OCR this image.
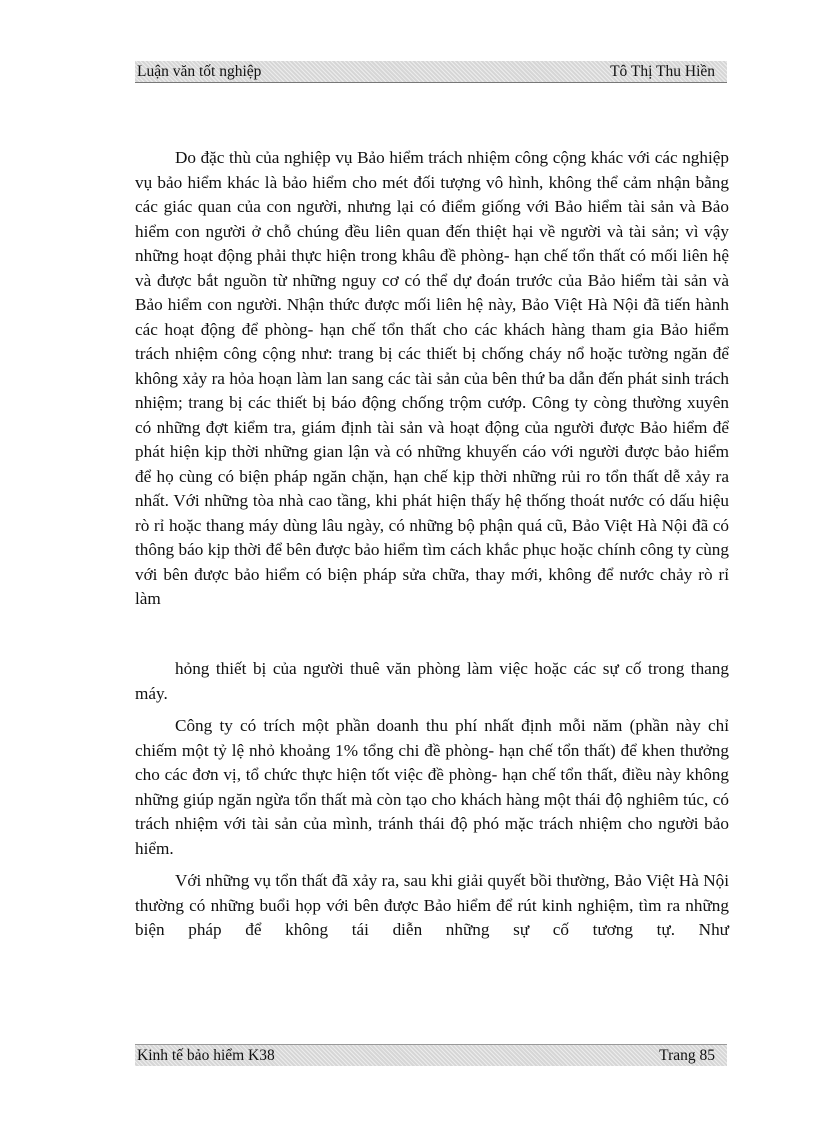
Luận văn tốt nghiệp	Tô Thị Thu Hiền

Do đặc thù của nghiệp vụ Bảo hiểm trách nhiệm công cộng khác với các nghiệp vụ bảo hiểm khác là bảo hiểm cho mét đối tượng vô hình, không thể cảm nhận bằng các giác quan của con người, nhưng lại có điểm giống với Bảo hiểm tài sản và Bảo hiểm con người ở chỗ chúng đều liên quan đến thiệt hại về người và tài sản; vì vậy những hoạt động phải thực hiện trong khâu đề phòng- hạn chế tổn thất có mối liên hệ và được bắt nguồn từ những nguy cơ có thể dự đoán trước của Bảo hiểm tài sản và Bảo hiểm con người. Nhận thức được mối liên hệ này, Bảo Việt Hà Nội đã tiến hành các hoạt động để phòng- hạn chế tổn thất cho các khách hàng tham gia Bảo hiểm trách nhiệm công cộng như: trang bị các thiết bị chống cháy nổ hoặc tường ngăn để không xảy ra hỏa hoạn làm lan sang các tài sản của bên thứ ba dẫn đến phát sinh trách nhiệm; trang bị các thiết bị báo động chống trộm cướp. Công ty còng thường xuyên có những đợt kiểm tra, giám định tài sản và hoạt động của người được Bảo hiểm để phát hiện kịp thời những gian lận và có những khuyến cáo với người được bảo hiểm để họ cùng có biện pháp ngăn chặn, hạn chế kịp thời những rủi ro tổn thất dễ xảy ra nhất. Với những tòa nhà cao tầng, khi phát hiện thấy hệ thống thoát nước có dấu hiệu rò rỉ hoặc thang máy dùng lâu ngày, có những bộ phận quá cũ, Bảo Việt Hà Nội đã có thông báo kịp thời để bên được bảo hiểm tìm cách khắc phục hoặc chính công ty cùng với bên được bảo hiểm có biện pháp sửa chữa, thay mới, không để nước chảy rò rỉ làm

hỏng thiết bị của người thuê văn phòng làm việc hoặc các sự cố trong thang máy.

Công ty có trích một phần doanh thu phí nhất định mỗi năm (phần này chỉ chiếm một tỷ lệ nhỏ khoảng 1% tổng chi đề phòng- hạn chế tổn thất) để khen thưởng cho các đơn vị, tổ chức thực hiện tốt việc đề phòng- hạn chế tổn thất, điều này không những giúp ngăn ngừa tổn thất mà còn tạo cho khách hàng một thái độ nghiêm túc, có trách nhiệm với tài sản của mình, tránh thái độ phó mặc trách nhiệm cho người bảo hiểm.

Với những vụ tổn thất đã xảy ra, sau khi giải quyết bồi thường, Bảo Việt Hà Nội thường có những buổi họp với bên được Bảo hiểm để rút kinh nghiệm, tìm ra những biện pháp để không tái diễn những sự cố tương tự. Như

Kinh tế bảo hiểm K38	Trang 85
